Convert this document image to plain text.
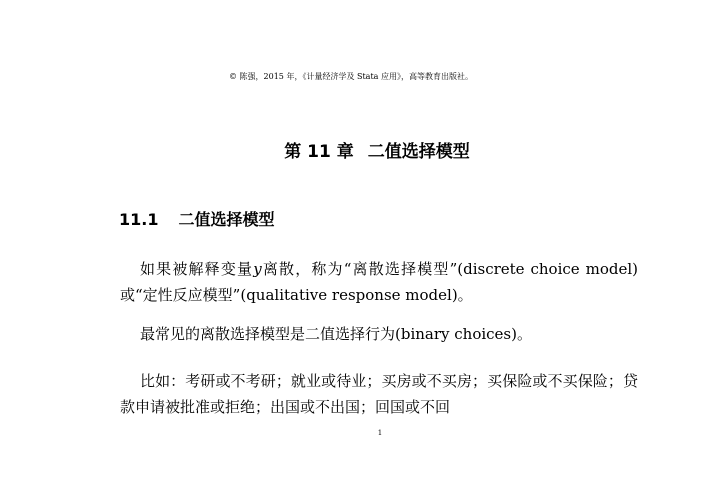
© 陈强，2015 年，《计量经济学及 Stata 应用》，高等教育出版社。
第 11 章 二值选择模型
11.1 二值选择模型

如果被解释变量y离散，称为“离散选择模型”(discrete choice model)或“定性反应模型”(qualitative response model)。

最常见的离散选择模型是二值选择行为(binary choices)。

比如：考研或不考研；就业或待业；买房或不买房；买保险或不买保险；贷款申请被批准或拒绝；出国或不出国；回国或不回

1
